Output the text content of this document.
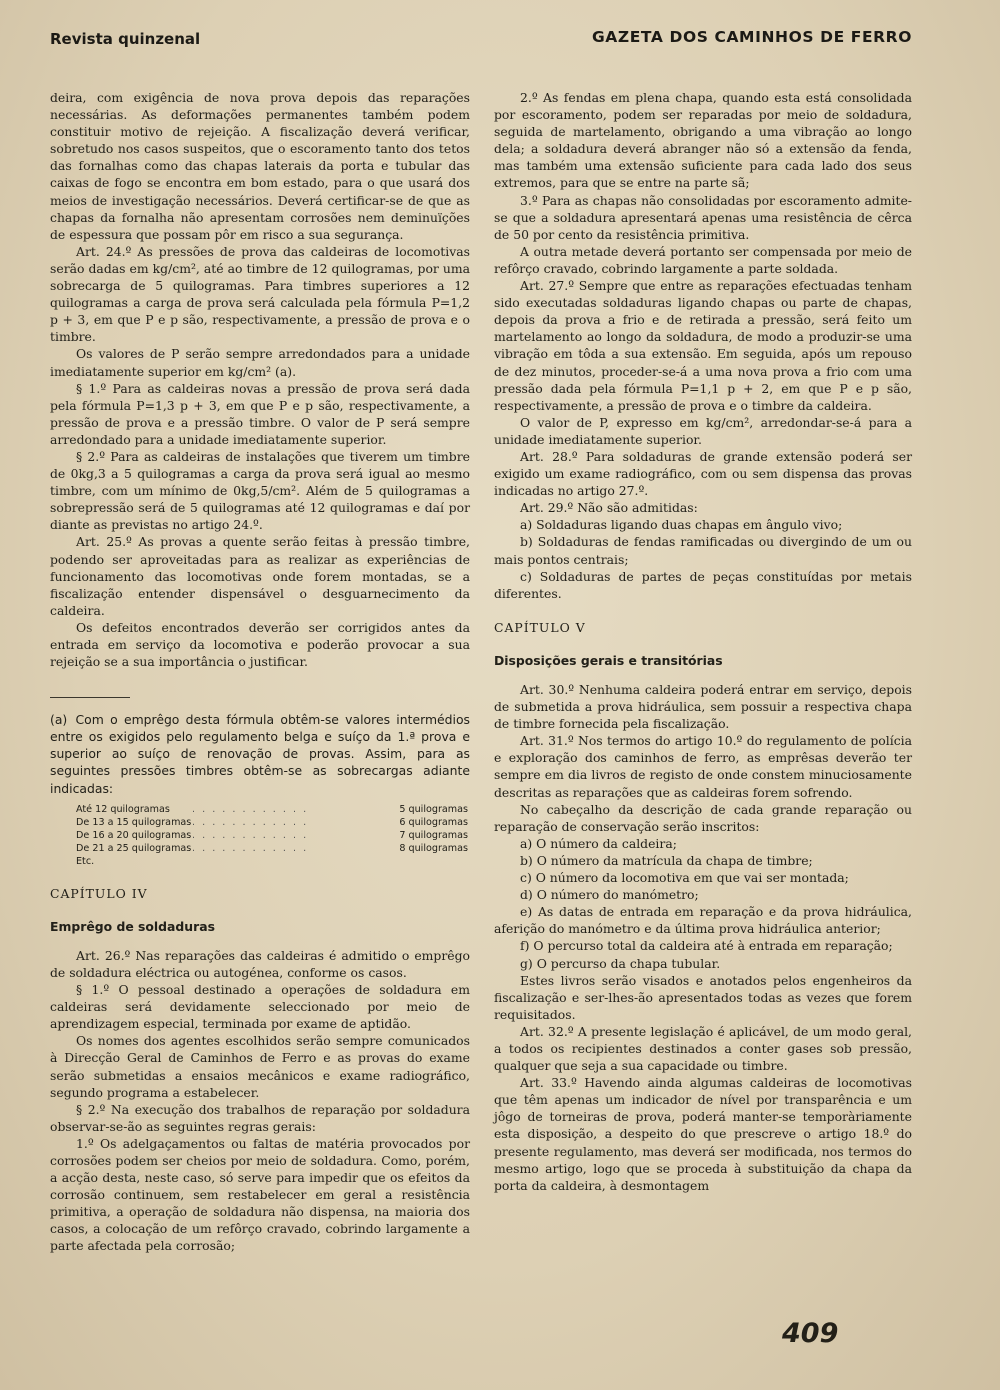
Revista quinzenal	GAZETA DOS CAMINHOS DE FERRO

deira, com exigência de nova prova depois das reparações necessárias. As deformações permanentes também podem constituir motivo de rejeição. A fiscalização deverá verificar, sobretudo nos casos suspeitos, que o escoramento tanto dos tetos das fornalhas como das chapas laterais da porta e tubular das caixas de fogo se encontra em bom estado, para o que usará dos meios de investigação necessários. Deverá certificar-se de que as chapas da fornalha não apresentam corrosões nem deminuïções de espessura que possam pôr em risco a sua segurança.

Art. 24.º As pressões de prova das caldeiras de locomotivas serão dadas em kg/cm², até ao timbre de 12 quilogramas, por uma sobrecarga de 5 quilogramas. Para timbres superiores a 12 quilogramas a carga de prova será calculada pela fórmula P=1,2 p + 3, em que P e p são, respectivamente, a pressão de prova e o timbre.

Os valores de P serão sempre arredondados para a unidade imediatamente superior em kg/cm² (a).

§ 1.º Para as caldeiras novas a pressão de prova será dada pela fórmula P=1,3 p + 3, em que P e p são, respectivamente, a pressão de prova e a pressão timbre. O valor de P será sempre arredondado para a unidade imediatamente superior.

§ 2.º Para as caldeiras de instalações que tiverem um timbre de 0kg,3 a 5 quilogramas a carga da prova será igual ao mesmo timbre, com um mínimo de 0kg,5/cm². Além de 5 quilogramas a sobrepressão será de 5 quilogramas até 12 quilogramas e daí por diante as previstas no artigo 24.º.

Art. 25.º As provas a quente serão feitas à pressão timbre, podendo ser aproveitadas para as realizar as experiências de funcionamento das locomotivas onde forem montadas, se a fiscalização entender dispensável o desguarnecimento da caldeira.

Os defeitos encontrados deverão ser corrigidos antes da entrada em serviço da locomotiva e poderão provocar a sua rejeição se a sua importância o justificar.

(a) Com o emprêgo desta fórmula obtêm-se valores intermédios entre os exigidos pelo regulamento belga e suíço da 1.ª prova e superior ao suíço de renovação de provas. Assim, para as seguintes pressões timbres obtêm-se as sobrecargas adiante indicadas:

Até 12 quilogramas	. . . . . . . . . . . .	5 quilogramas
De 13 a 15 quilogramas	. . . . . . . . . . . .	6 quilogramas
De 16 a 20 quilogramas	. . . . . . . . . . . .	7 quilogramas
De 21 a 25 quilogramas	. . . . . . . . . . . .	8 quilogramas
Etc.		

CAPÍTULO IV

Emprêgo de soldaduras

Art. 26.º Nas reparações das caldeiras é admitido o emprêgo de soldadura eléctrica ou autogénea, conforme os casos.

§ 1.º O pessoal destinado a operações de soldadura em caldeiras será devidamente seleccionado por meio de aprendizagem especial, terminada por exame de aptidão.

Os nomes dos agentes escolhidos serão sempre comunicados à Direcção Geral de Caminhos de Ferro e as provas do exame serão submetidas a ensaios mecânicos e exame radiográfico, segundo programa a estabelecer.

§ 2.º Na execução dos trabalhos de reparação por soldadura observar-se-ão as seguintes regras gerais:

1.º Os adelgaçamentos ou faltas de matéria provocados por corrosões podem ser cheios por meio de soldadura. Como, porém, a acção desta, neste caso, só serve para impedir que os efeitos da corrosão continuem, sem restabelecer em geral a resistência primitiva, a operação de soldadura não dispensa, na maioria dos casos, a colocação de um refôrço cravado, cobrindo largamente a parte afectada pela corrosão;

2.º As fendas em plena chapa, quando esta está consolidada por escoramento, podem ser reparadas por meio de soldadura, seguida de martelamento, obrigando a uma vibração ao longo dela; a soldadura deverá abranger não só a extensão da fenda, mas também uma extensão suficiente para cada lado dos seus extremos, para que se entre na parte sã;

3.º Para as chapas não consolidadas por escoramento admite-se que a soldadura apresentará apenas uma resistência de cêrca de 50 por cento da resistência primitiva.

A outra metade deverá portanto ser compensada por meio de refôrço cravado, cobrindo largamente a parte soldada.

Art. 27.º Sempre que entre as reparações efectuadas tenham sido executadas soldaduras ligando chapas ou parte de chapas, depois da prova a frio e de retirada a pressão, será feito um martelamento ao longo da soldadura, de modo a produzir-se uma vibração em tôda a sua extensão. Em seguida, após um repouso de dez minutos, proceder-se-á a uma nova prova a frio com uma pressão dada pela fórmula P=1,1 p + 2, em que P e p são, respectivamente, a pressão de prova e o timbre da caldeira.

O valor de P, expresso em kg/cm², arredondar-se-á para a unidade imediatamente superior.

Art. 28.º Para soldaduras de grande extensão poderá ser exigido um exame radiográfico, com ou sem dispensa das provas indicadas no artigo 27.º.

Art. 29.º Não são admitidas:

a) Soldaduras ligando duas chapas em ângulo vivo;

b) Soldaduras de fendas ramificadas ou divergindo de um ou mais pontos centrais;

c) Soldaduras de partes de peças constituídas por metais diferentes.

CAPÍTULO V

Disposições gerais e transitórias

Art. 30.º Nenhuma caldeira poderá entrar em serviço, depois de submetida a prova hidráulica, sem possuir a respectiva chapa de timbre fornecida pela fiscalização.

Art. 31.º Nos termos do artigo 10.º do regulamento de polícia e exploração dos caminhos de ferro, as emprêsas deverão ter sempre em dia livros de registo de onde constem minuciosamente descritas as reparações que as caldeiras forem sofrendo.

No cabeçalho da descrição de cada grande reparação ou reparação de conservação serão inscritos:

a) O número da caldeira;

b) O número da matrícula da chapa de timbre;

c) O número da locomotiva em que vai ser montada;

d) O número do manómetro;

e) As datas de entrada em reparação e da prova hidráulica, aferição do manómetro e da última prova hidráulica anterior;

f) O percurso total da caldeira até à entrada em reparação;

g) O percurso da chapa tubular.

Estes livros serão visados e anotados pelos engenheiros da fiscalização e ser-lhes-ão apresentados todas as vezes que forem requisitados.

Art. 32.º A presente legislação é aplicável, de um modo geral, a todos os recipientes destinados a conter gases sob pressão, qualquer que seja a sua capacidade ou timbre.

Art. 33.º Havendo ainda algumas caldeiras de locomotivas que têm apenas um indicador de nível por transparência e um jôgo de torneiras de prova, poderá manter-se temporàriamente esta disposição, a despeito do que prescreve o artigo 18.º do presente regulamento, mas deverá ser modificada, nos termos do mesmo artigo, logo que se proceda à substituição da chapa da porta da caldeira, à desmontagem

409
